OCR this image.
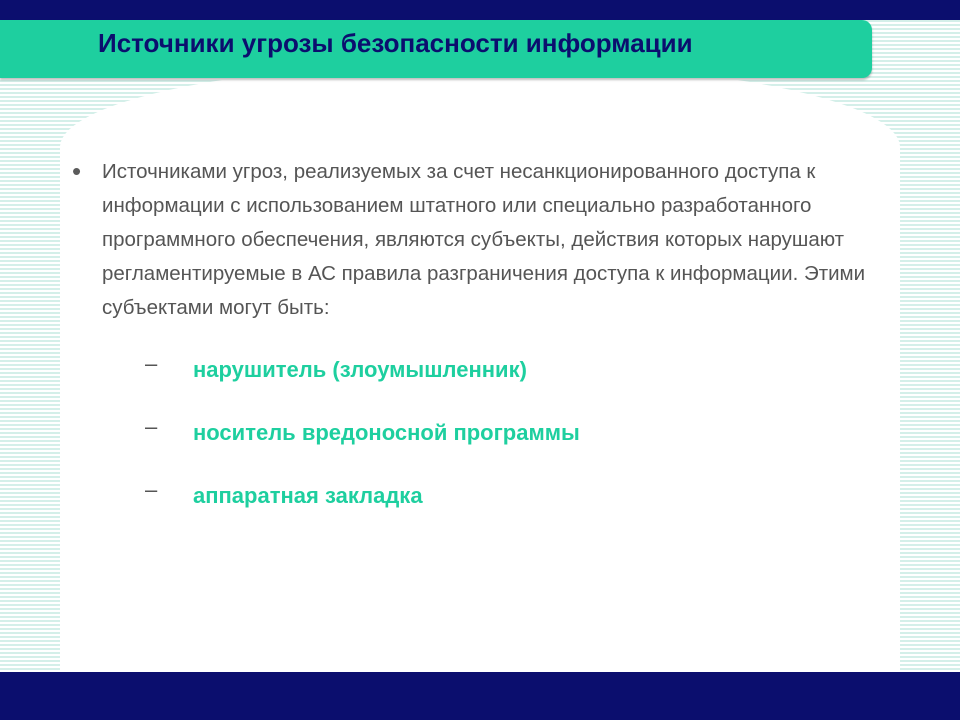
Источники угрозы безопасности информации
• Источниками угроз, реализуемых за счет несанкционированного доступа к информации с использованием штатного или специально разработанного программного обеспечения, являются субъекты, действия которых нарушают регламентируемые в АС правила разграничения доступа к информации. Этими субъектами могут быть:
– нарушитель (злоумышленник)
– носитель вредоносной программы
– аппаратная закладка
